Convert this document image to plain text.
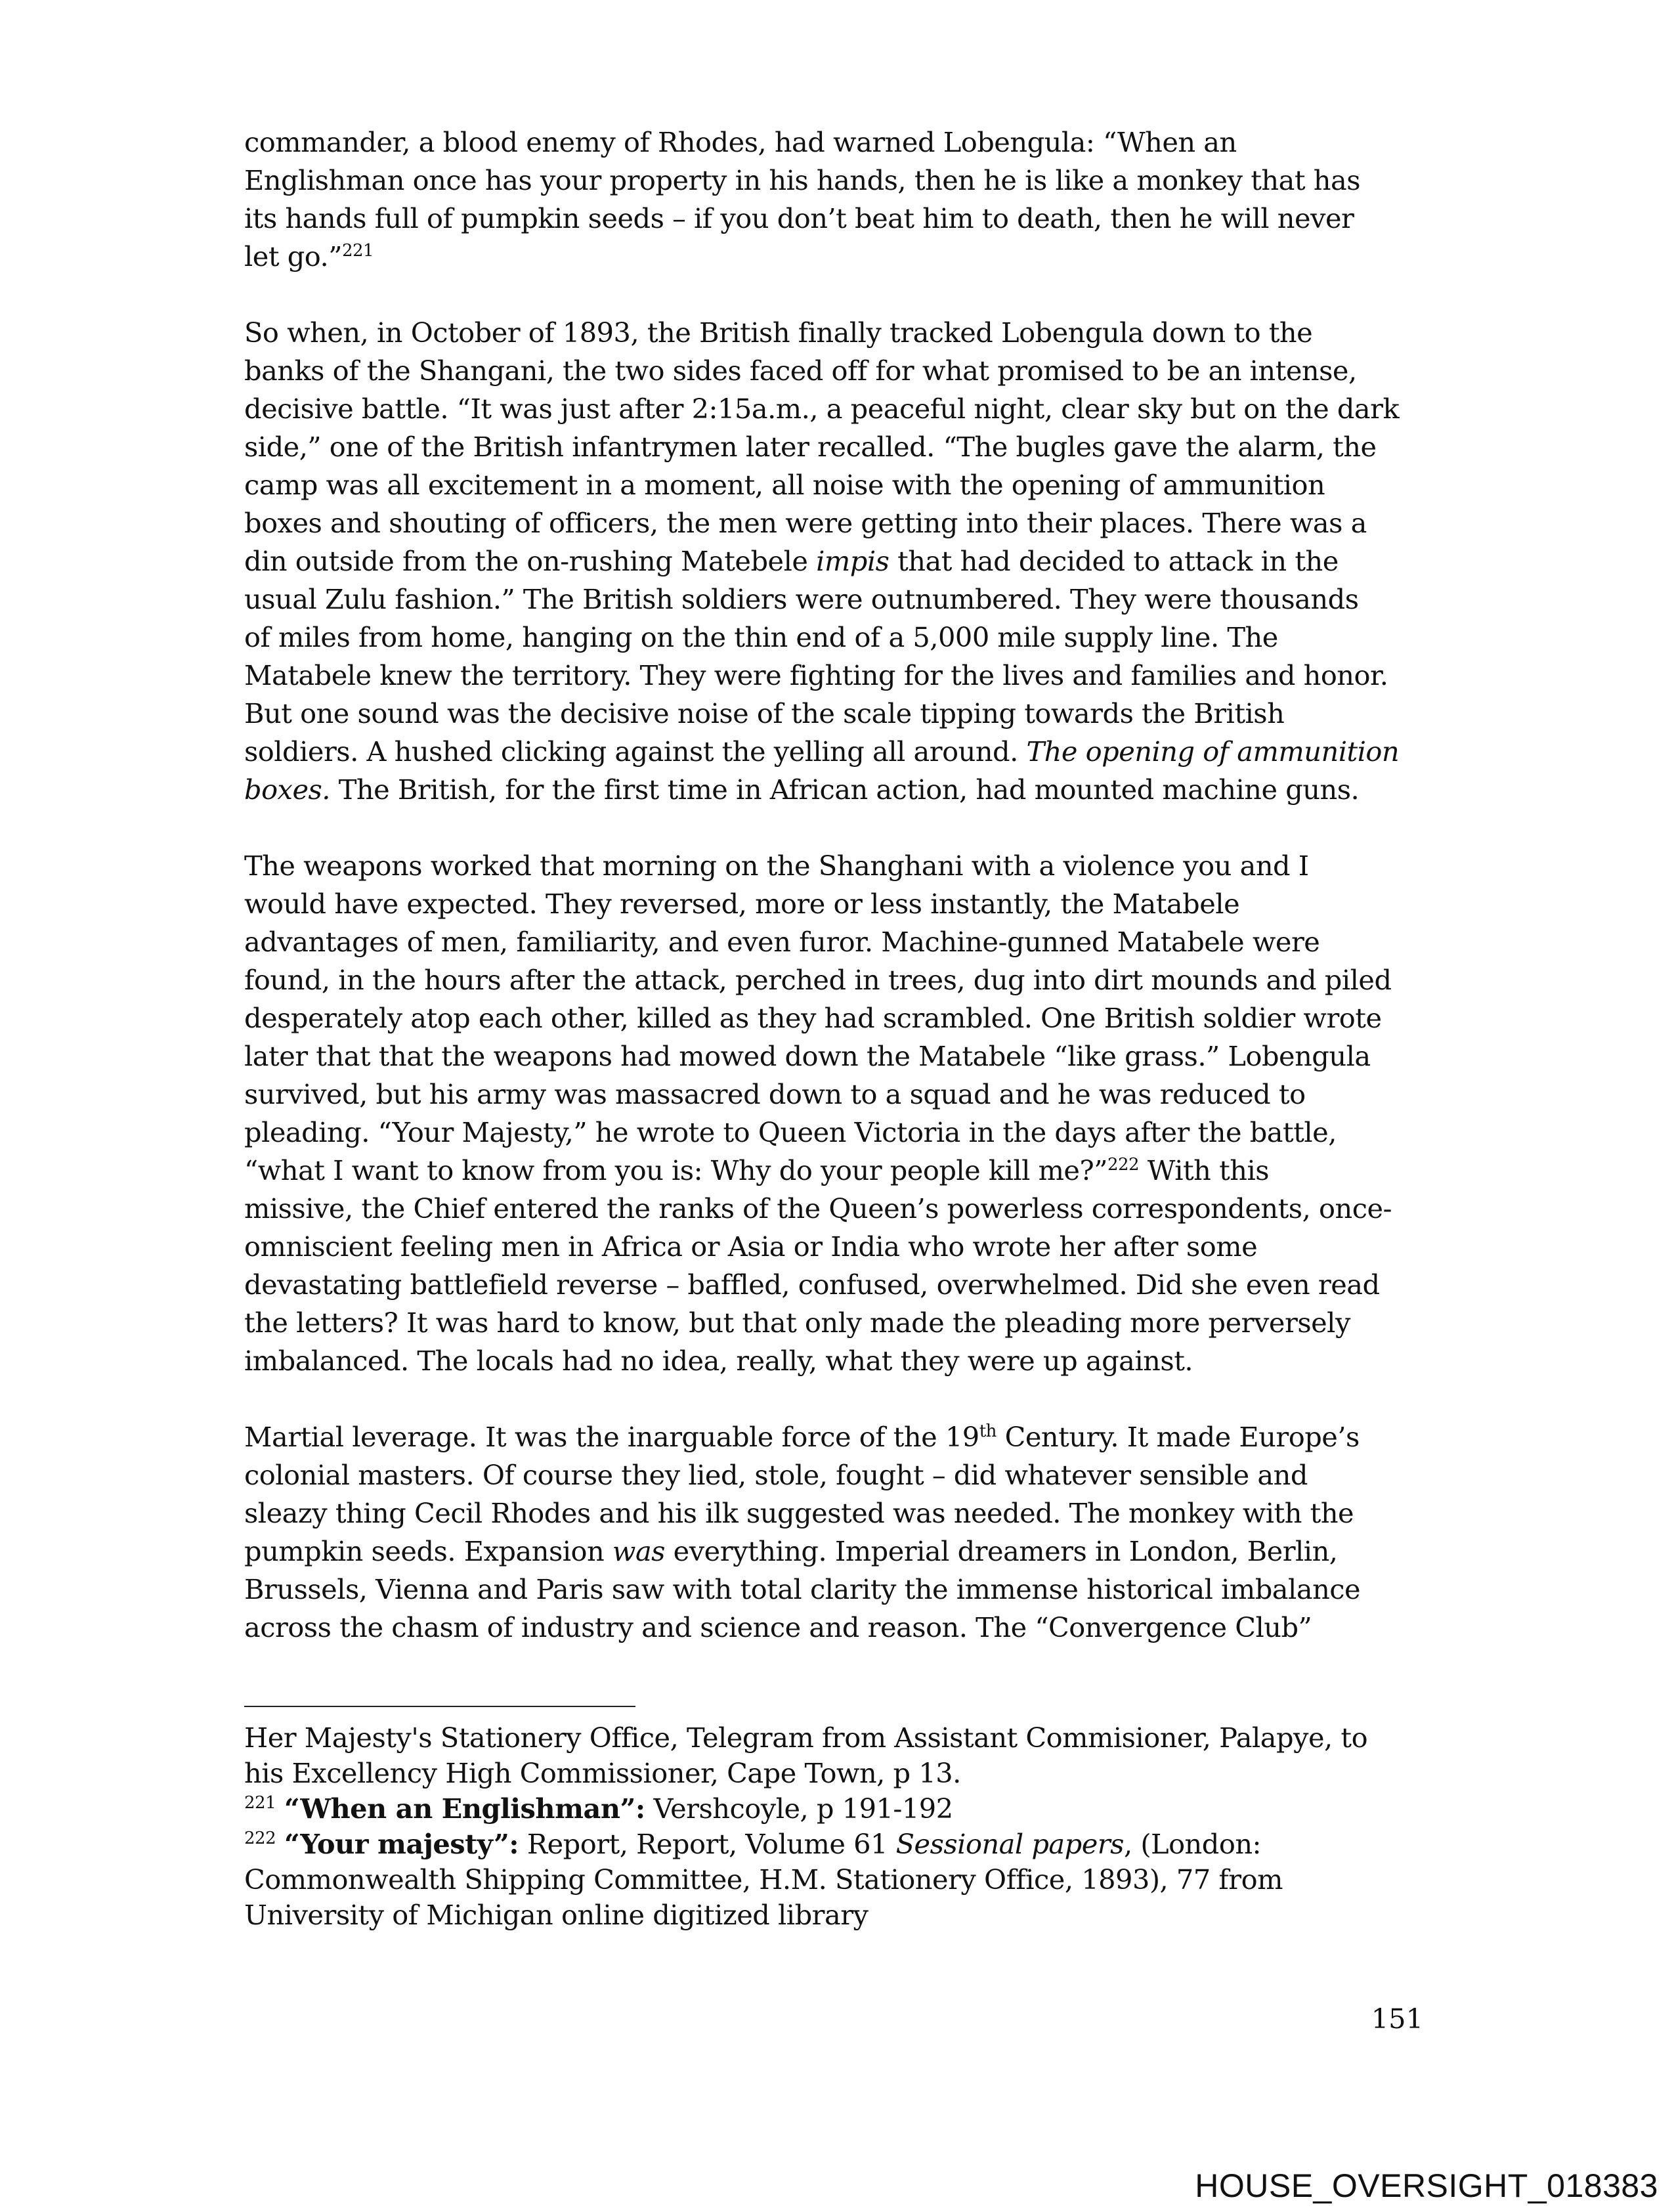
commander, a blood enemy of Rhodes, had warned Lobengula: “When an
Englishman once has your property in his hands, then he is like a monkey that has
its hands full of pumpkin seeds – if you don’t beat him to death, then he will never
let go.”$^{221}$
So when, in October of 1893, the British finally tracked Lobengula down to the
banks of the Shangani, the two sides faced off for what promised to be an intense,
decisive battle. “It was just after 2:15a.m., a peaceful night, clear sky but on the dark
side,” one of the British infantrymen later recalled. “The bugles gave the alarm, the
camp was all excitement in a moment, all noise with the opening of ammunition
boxes and shouting of officers, the men were getting into their places. There was a
din outside from the on-rushing Matebele impis that had decided to attack in the
usual Zulu fashion.” The British soldiers were outnumbered. They were thousands
of miles from home, hanging on the thin end of a 5,000 mile supply line. The
Matabele knew the territory. They were fighting for the lives and families and honor.
But one sound was the decisive noise of the scale tipping towards the British
soldiers. A hushed clicking against the yelling all around. The opening of ammunition
boxes. The British, for the first time in African action, had mounted machine guns.
The weapons worked that morning on the Shanghani with a violence you and I
would have expected. They reversed, more or less instantly, the Matabele
advantages of men, familiarity, and even furor. Machine-gunned Matabele were
found, in the hours after the attack, perched in trees, dug into dirt mounds and piled
desperately atop each other, killed as they had scrambled. One British soldier wrote
later that that the weapons had mowed down the Matabele “like grass.” Lobengula
survived, but his army was massacred down to a squad and he was reduced to
pleading. “Your Majesty,” he wrote to Queen Victoria in the days after the battle,
“what I want to know from you is: Why do your people kill me?”$^{222}$ With this
missive, the Chief entered the ranks of the Queen’s powerless correspondents, once-
omniscient feeling men in Africa or Asia or India who wrote her after some
devastating battlefield reverse – baffled, confused, overwhelmed. Did she even read
the letters? It was hard to know, but that only made the pleading more perversely
imbalanced. The locals had no idea, really, what they were up against.
Martial leverage. It was the inarguable force of the 19th Century. It made Europe’s
colonial masters. Of course they lied, stole, fought – did whatever sensible and
sleazy thing Cecil Rhodes and his ilk suggested was needed. The monkey with the
pumpkin seeds. Expansion was everything. Imperial dreamers in London, Berlin,
Brussels, Vienna and Paris saw with total clarity the immense historical imbalance
across the chasm of industry and science and reason. The “Convergence Club”
Her Majesty's Stationery Office, Telegram from Assistant Commisioner, Palapye, to
his Excellency High Commissioner, Cape Town, p 13.
$^{221}$ “When an Englishman”: Vershcoyle, p 191-192
$^{222}$ “Your majesty”: Report, Report, Volume 61 Sessional papers, (London:
Commonwealth Shipping Committee, H.M. Stationery Office, 1893), 77 from
University of Michigan online digitized library
151
HOUSE_OVERSIGHT_018383
